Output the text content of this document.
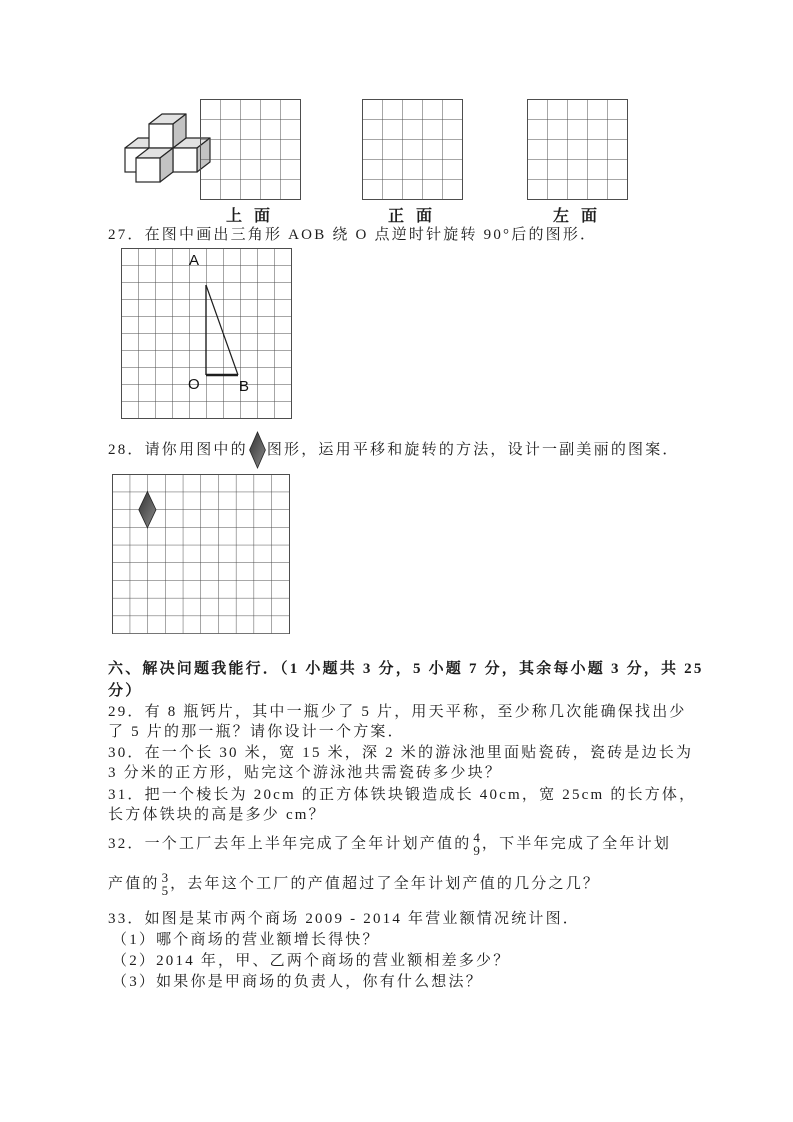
上 面	正 面	左 面
27．在图中画出三角形 AOB 绕 O 点逆时针旋转 90°后的图形．
A
O	B
28．请你用图中的 图形，运用平移和旋转的方法，设计一副美丽的图案．
六、解决问题我能行．（1 小题共 3 分，5 小题 7 分，其余每小题 3 分，共 25
分）
29．有 8 瓶钙片，其中一瓶少了 5 片，用天平称，至少称几次能确保找出少
了 5 片的那一瓶？请你设计一个方案．
30．在一个长 30 米，宽 15 米，深 2 米的游泳池里面贴瓷砖，瓷砖是边长为
3 分米的正方形，贴完这个游泳池共需瓷砖多少块？
31．把一个棱长为 20cm 的正方体铁块锻造成长 40cm，宽 25cm 的长方体，
长方体铁块的高是多少 cm？
32．一个工厂去年上半年完成了全年计划产值的 4
9 ，下半年完成了全年计划
产值的 3
5 ，去年这个工厂的产值超过了全年计划产值的几分之几？
33．如图是某市两个商场 2009 - 2014 年营业额情况统计图．
（1）哪个商场的营业额增长得快？
（2）2014 年，甲、乙两个商场的营业额相差多少？
（3）如果你是甲商场的负责人，你有什么想法？
